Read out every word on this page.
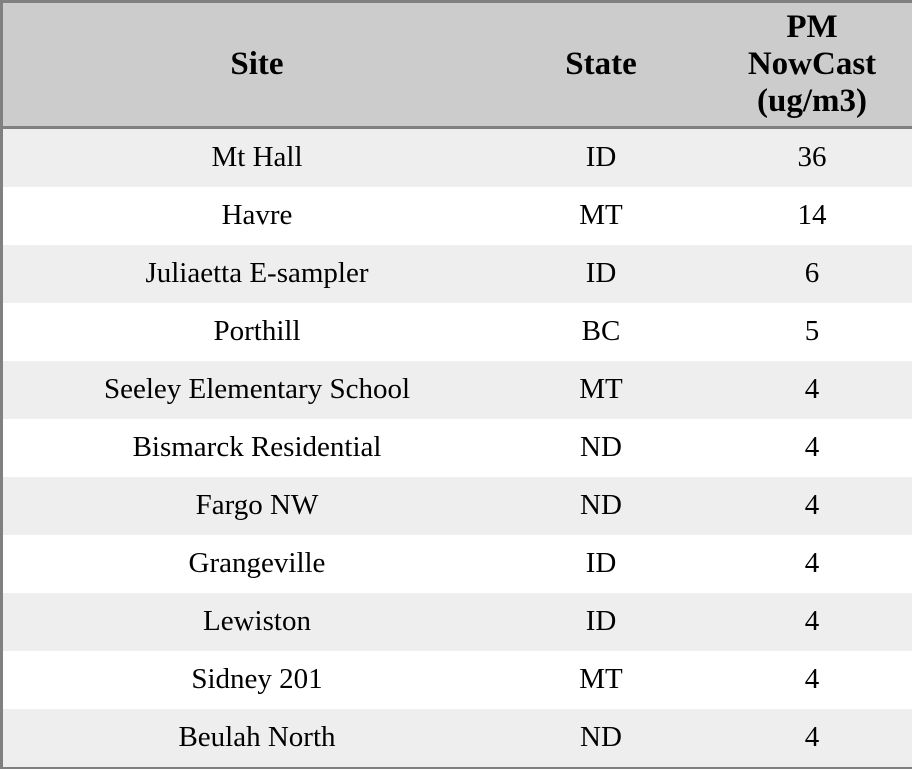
Site	State	PM
NowCast
(ug/m3)

Mt Hall	ID	36
Havre	MT	14
Juliaetta E-sampler	ID	6
Porthill	BC	5
Seeley Elementary School	MT	4
Bismarck Residential	ND	4
Fargo NW	ND	4
Grangeville	ID	4
Lewiston	ID	4
Sidney 201	MT	4
Beulah North	ND	4
